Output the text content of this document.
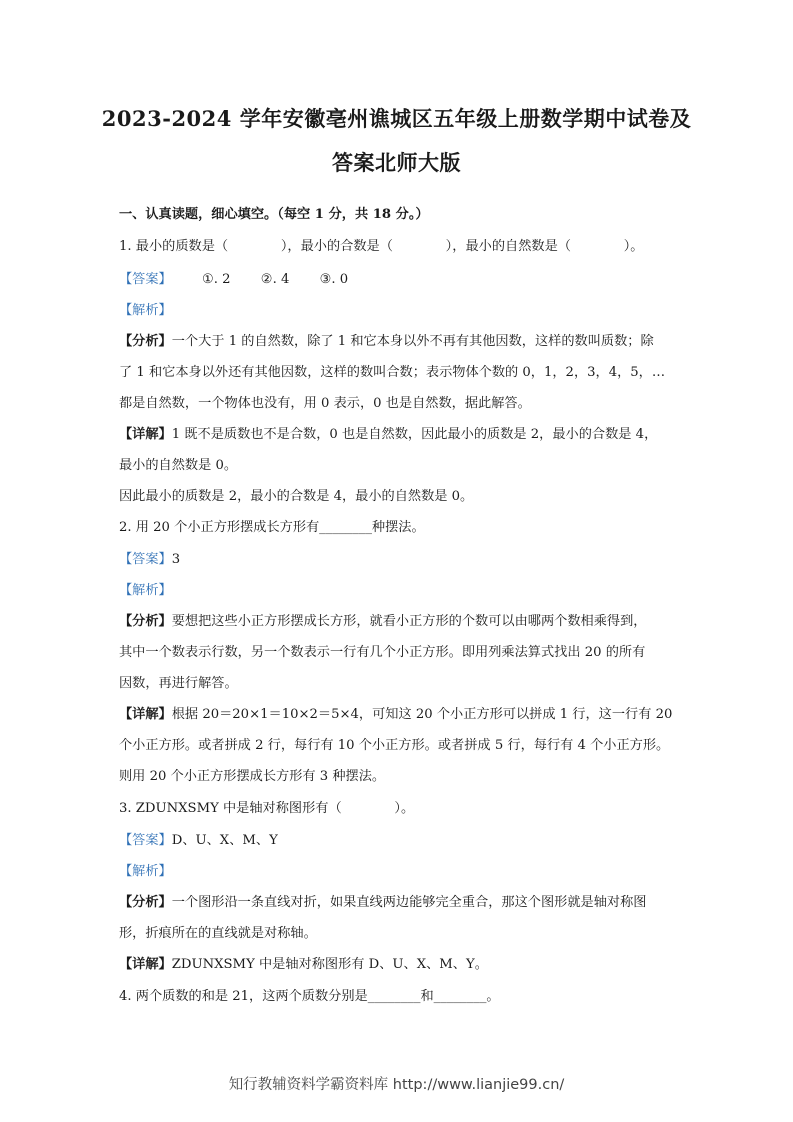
2023-2024 学年安徽亳州谯城区五年级上册数学期中试卷及
答案北师大版
一、认真读题，细心填空。（每空 1 分，共 18 分。）
1. 最小的质数是（　　　　），最小的合数是（　　　　），最小的自然数是（　　　　）。
【答案】 ①. 2 ②. 4 ③. 0
【解析】
【分析】一个大于 1 的自然数，除了 1 和它本身以外不再有其他因数，这样的数叫质数；除
了 1 和它本身以外还有其他因数，这样的数叫合数；表示物体个数的 0，1，2，3，4，5，…
都是自然数，一个物体也没有，用 0 表示，0 也是自然数，据此解答。
【详解】1 既不是质数也不是合数，0 也是自然数，因此最小的质数是 2，最小的合数是 4，
最小的自然数是 0。
因此最小的质数是 2，最小的合数是 4，最小的自然数是 0。
2. 用 20 个小正方形摆成长方形有________种摆法。
【答案】3
【解析】
【分析】要想把这些小正方形摆成长方形，就看小正方形的个数可以由哪两个数相乘得到，
其中一个数表示行数，另一个数表示一行有几个小正方形。即用列乘法算式找出 20 的所有
因数，再进行解答。
【详解】根据 20＝20×1＝10×2＝5×4，可知这 20 个小正方形可以拼成 1 行，这一行有 20
个小正方形。或者拼成 2 行，每行有 10 个小正方形。或者拼成 5 行，每行有 4 个小正方形。
则用 20 个小正方形摆成长方形有 3 种摆法。
3. ZDUNXSMY 中是轴对称图形有（　　　　）。
【答案】D、U、X、M、Y
【解析】
【分析】一个图形沿一条直线对折，如果直线两边能够完全重合，那这个图形就是轴对称图
形，折痕所在的直线就是对称轴。
【详解】ZDUNXSMY 中是轴对称图形有 D、U、X、M、Y。
4. 两个质数的和是 21，这两个质数分别是________和________。
知行教辅资料学霸资料库 http://www.lianjie99.cn/
